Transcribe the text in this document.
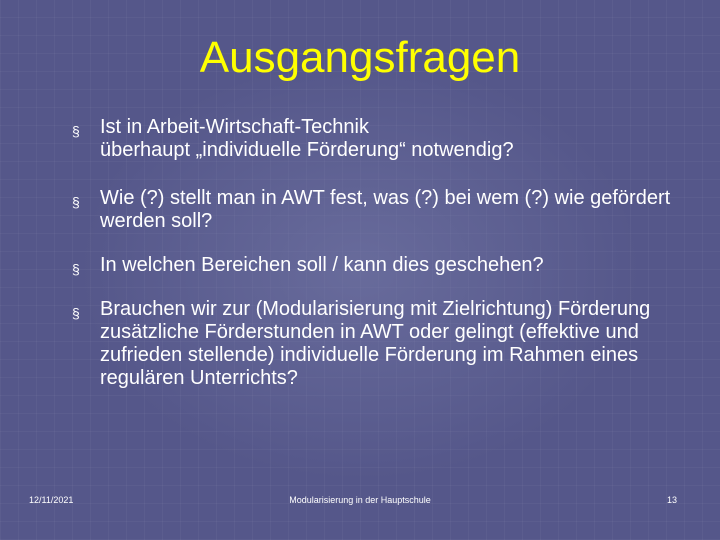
Ausgangsfragen
§ Ist in Arbeit-Wirtschaft-Technik
überhaupt „individuelle Förderung“ notwendig?
§ Wie (?) stellt man in AWT fest, was (?) bei wem (?) wie gefördert werden soll?
§ In welchen Bereichen soll / kann dies geschehen?
§ Brauchen wir zur (Modularisierung mit Zielrichtung) Förderung zusätzliche Förderstunden in AWT oder gelingt (effektive und zufrieden stellende) individuelle Förderung im Rahmen eines regulären Unterrichts?
12/11/2021	Modularisierung in der Hauptschule	13
